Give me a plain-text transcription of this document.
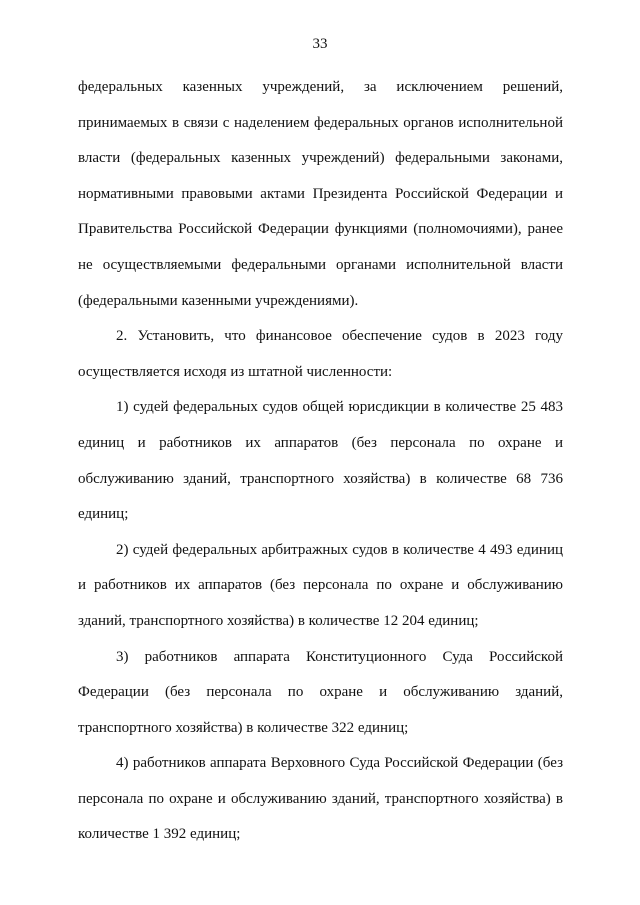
33

федеральных казенных учреждений, за исключением решений,
принимаемых в связи с наделением федеральных органов исполнительной
власти (федеральных казенных учреждений) федеральными законами,
нормативными правовыми актами Президента Российской Федерации и
Правительства Российской Федерации функциями (полномочиями), ранее
не осуществляемыми федеральными органами исполнительной власти
(федеральными казенными учреждениями).

2. Установить, что финансовое обеспечение судов в 2023 году
осуществляется исходя из штатной численности:

1) судей федеральных судов общей юрисдикции в количестве 25 483
единиц и работников их аппаратов (без персонала по охране и
обслуживанию зданий, транспортного хозяйства) в количестве 68 736
единиц;

2) судей федеральных арбитражных судов в количестве 4 493 единиц
и работников их аппаратов (без персонала по охране и обслуживанию
зданий, транспортного хозяйства) в количестве 12 204 единиц;

3) работников аппарата Конституционного Суда Российской
Федерации (без персонала по охране и обслуживанию зданий,
транспортного хозяйства) в количестве 322 единиц;

4) работников аппарата Верховного Суда Российской Федерации (без
персонала по охране и обслуживанию зданий, транспортного хозяйства) в
количестве 1 392 единиц;
